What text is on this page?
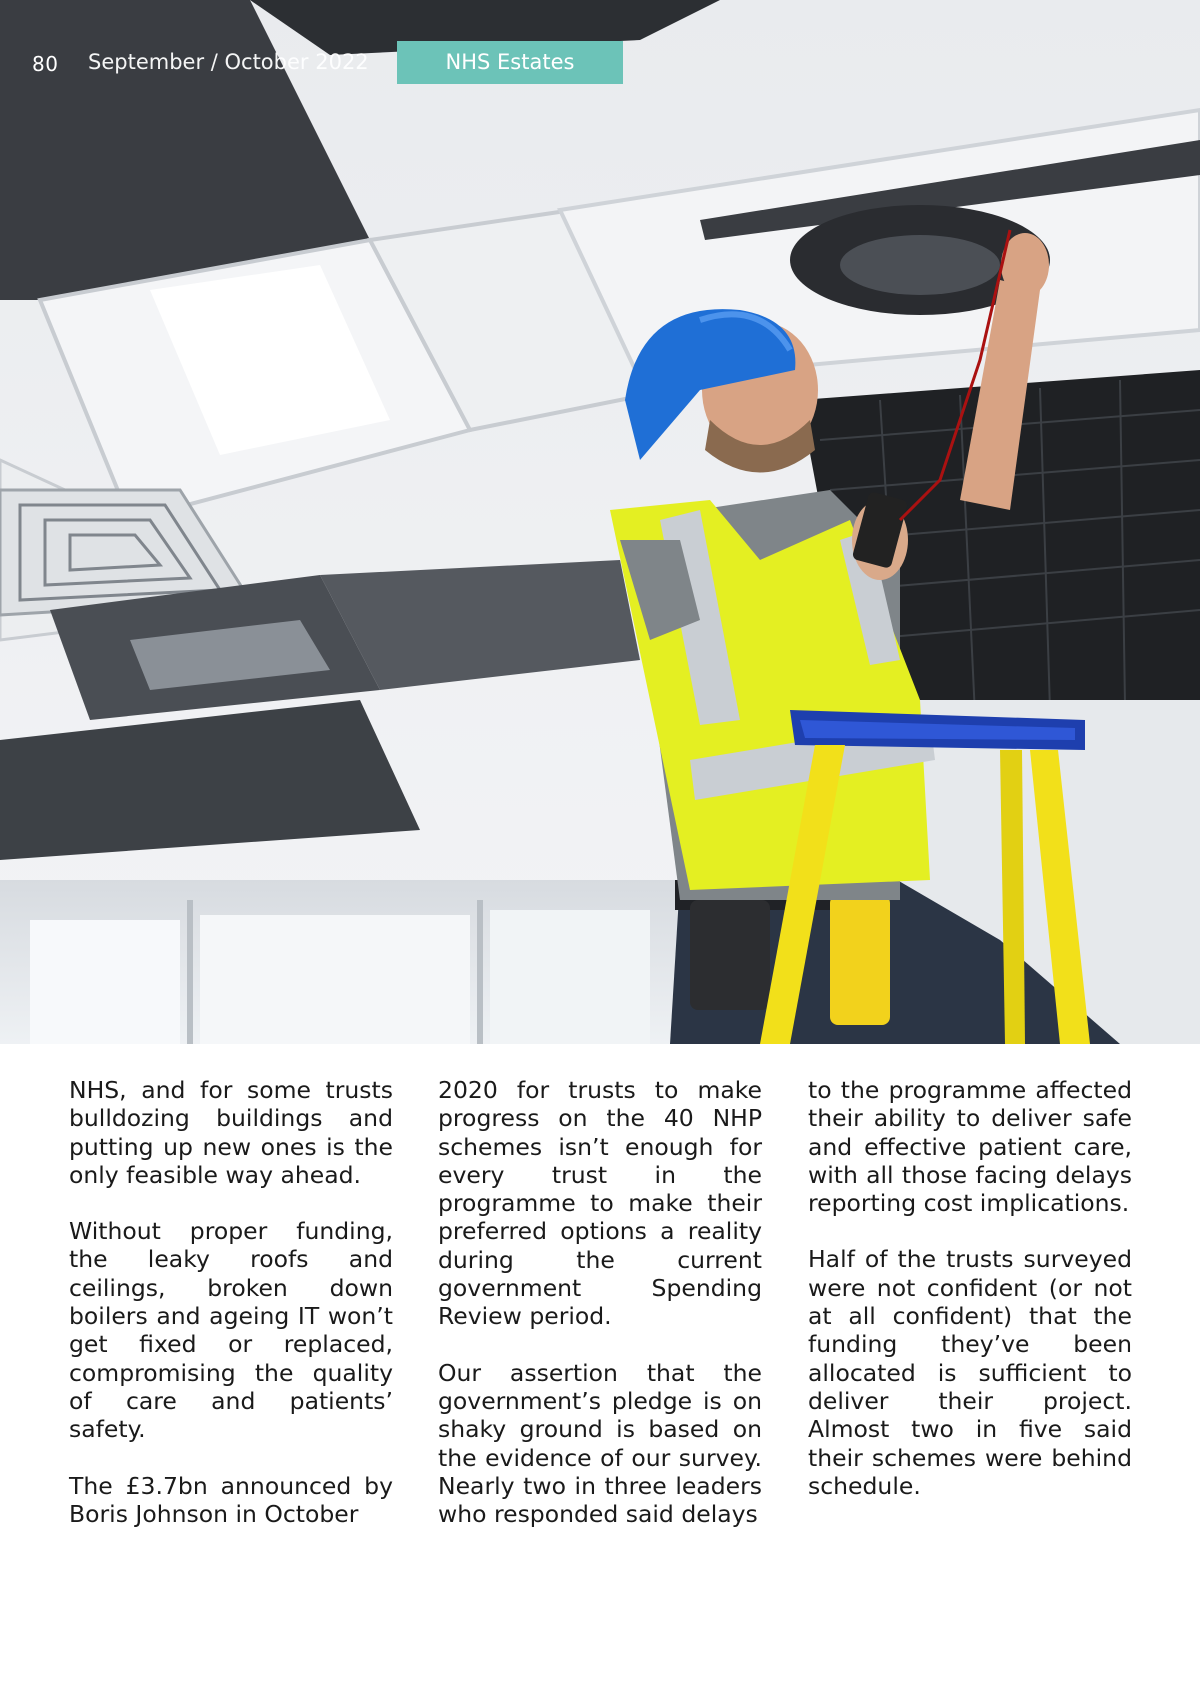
80 September / October 2022	NHS Estates

NHS, and for some trusts bulldozing buildings and putting up new ones is the only feasible way ahead.

Without proper funding, the leaky roofs and ceilings, broken down boilers and ageing IT won’t get fixed or replaced, compromising the quality of care and patients’ safety.

The £3.7bn announced by Boris Johnson in October

2020 for trusts to make progress on the 40 NHP schemes isn’t enough for every trust in the programme to make their preferred options a reality during the current government Spending Review period.

Our assertion that the government’s pledge is on shaky ground is based on the evidence of our survey. Nearly two in three leaders who responded said delays

to the programme affected their ability to deliver safe and effective patient care, with all those facing delays reporting cost implications.

Half of the trusts surveyed were not confident (or not at all confident) that the funding they’ve been allocated is sufficient to deliver their project. Almost two in five said their schemes were behind schedule.
